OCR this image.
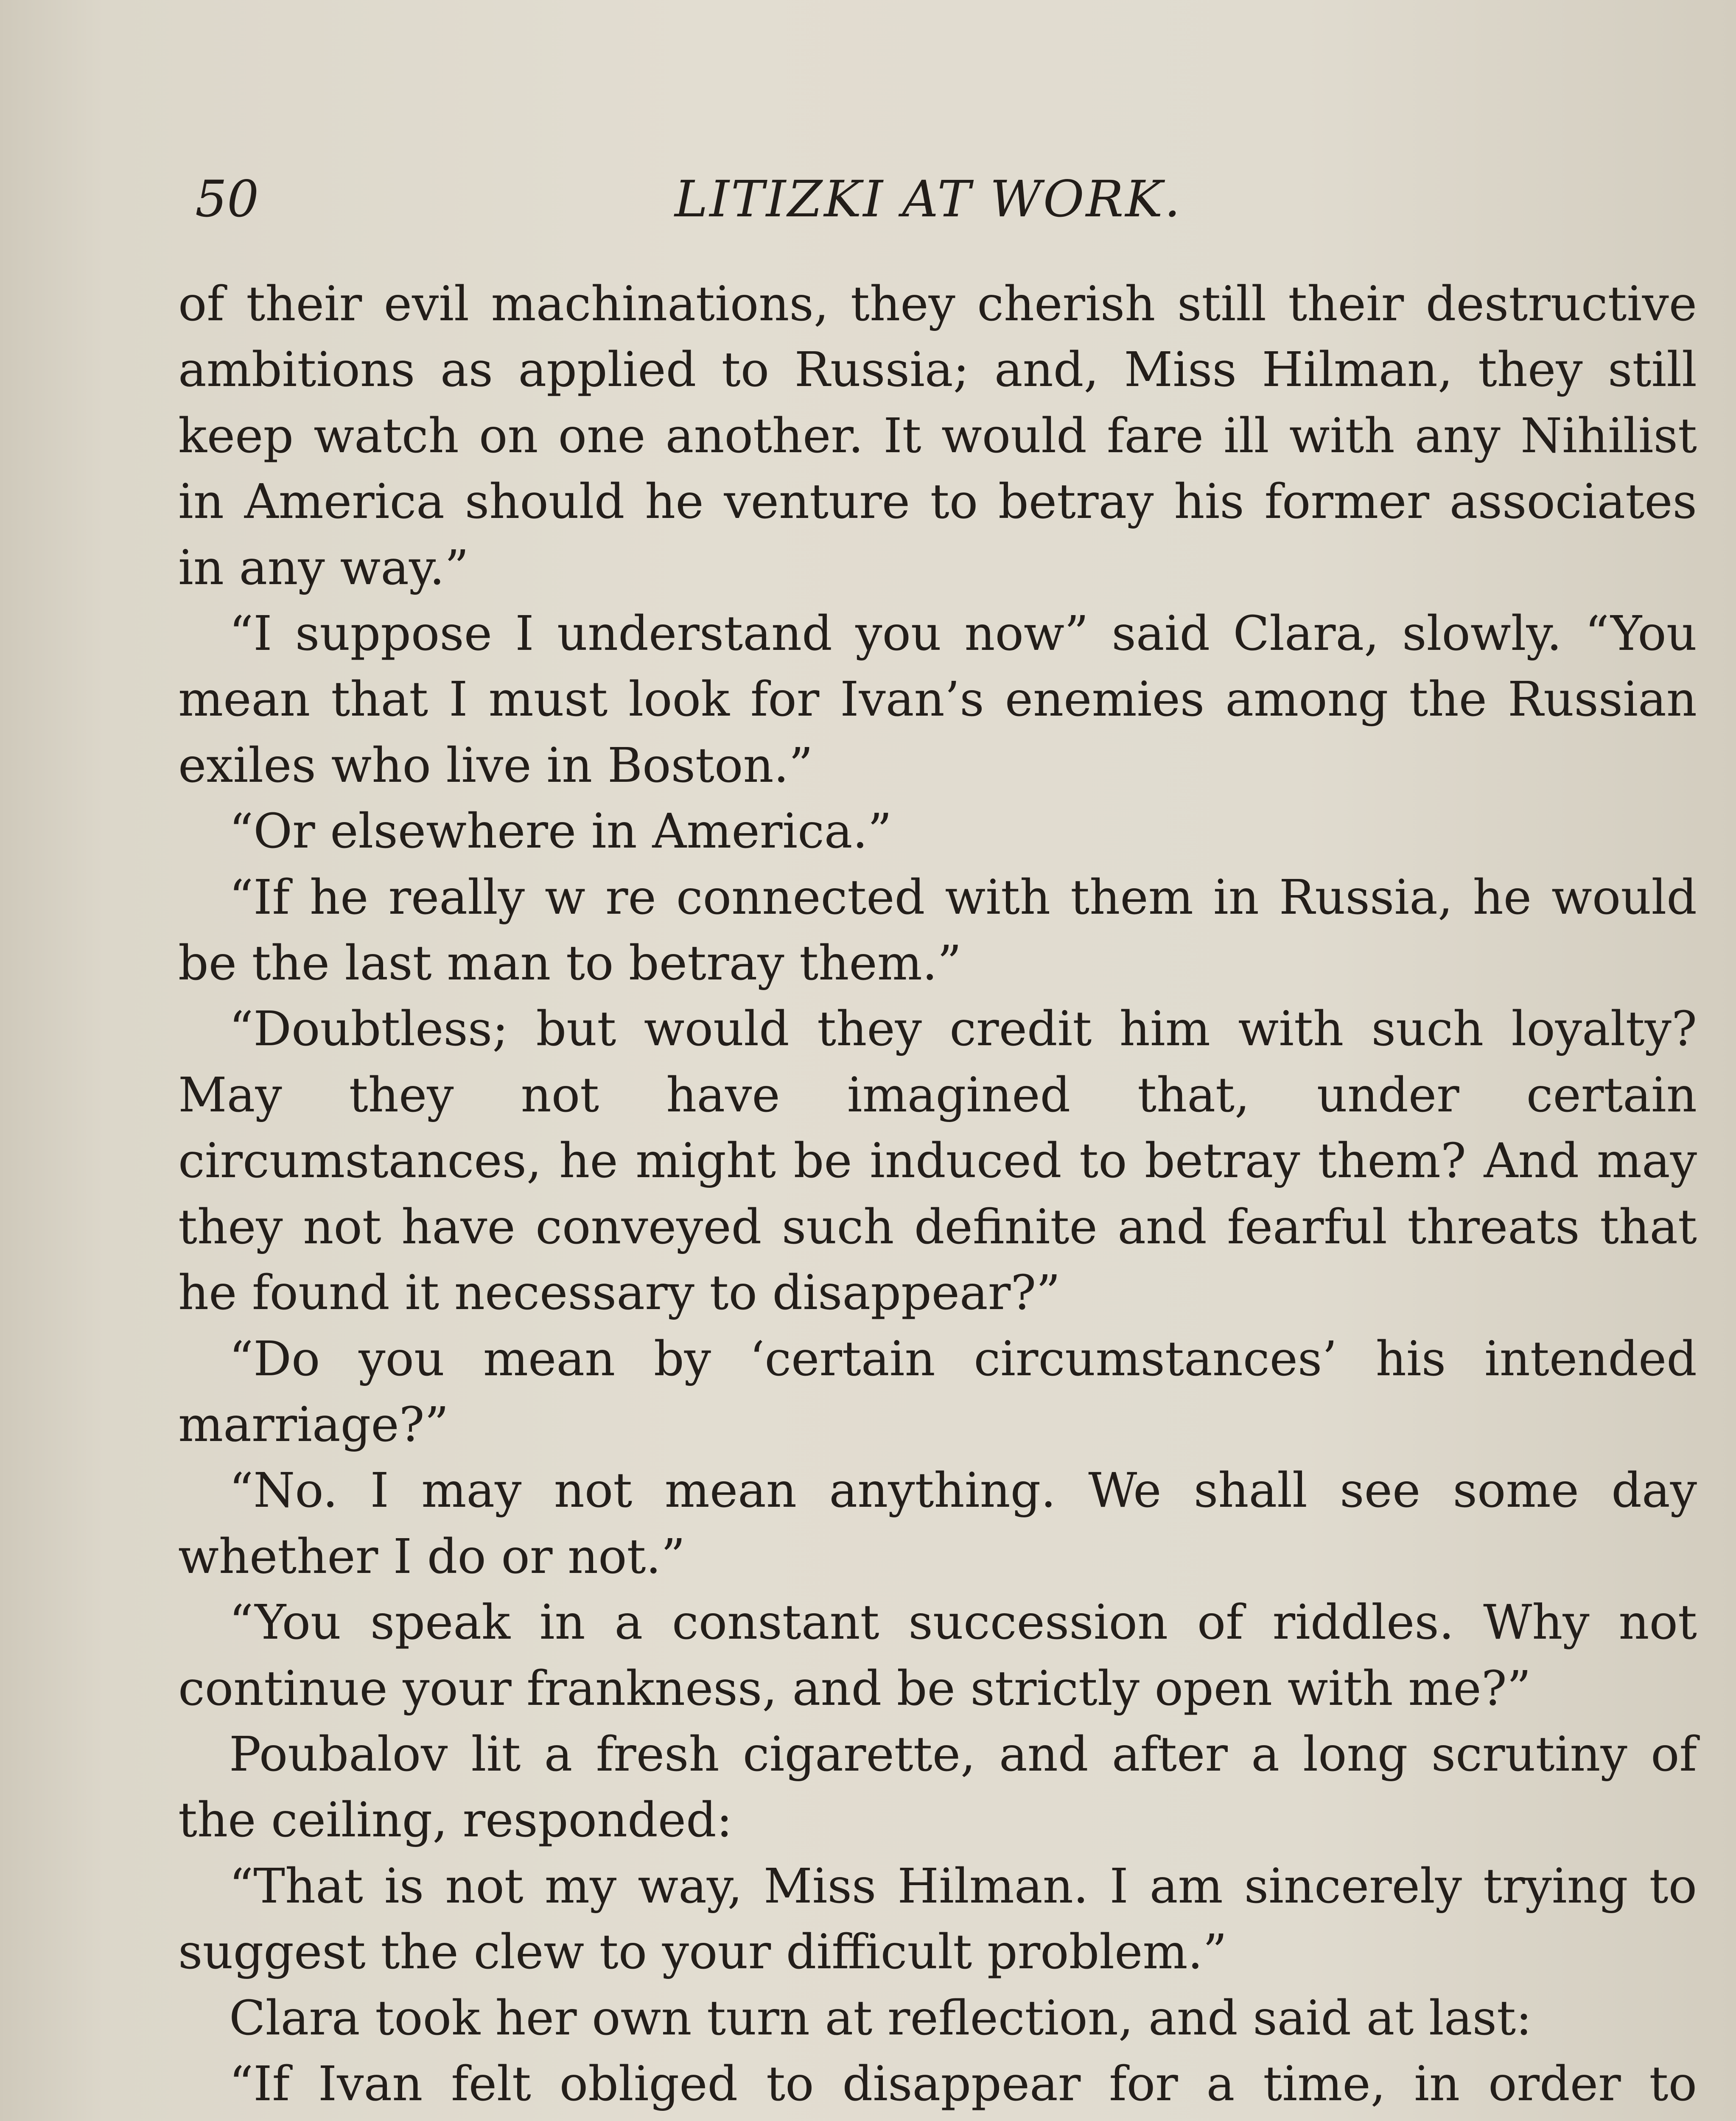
50	LITIZKI AT WORK.

of their evil machinations, they cherish still their destructive ambitions as applied to Russia; and, Miss Hilman, they still keep watch on one another. It would fare ill with any Nihilist in America should he venture to betray his former associates in any way.”

“I suppose I understand you now” said Clara, slowly. “You mean that I must look for Ivan’s enemies among the Russian exiles who live in Boston.”

“Or elsewhere in America.”

“If he really w re connected with them in Russia, he would be the last man to betray them.”

“Doubtless; but would they credit him with such loyalty? May they not have imagined that, under certain circumstances, he might be induced to betray them? And may they not have conveyed such definite and fearful threats that he found it necessary to disappear?”

“Do you mean by ‘certain circumstances’ his intended marriage?”

“No. I may not mean anything. We shall see some day whether I do or not.”

“You speak in a constant succession of riddles. Why not continue your frankness, and be strictly open with me?”

Poubalov lit a fresh cigarette, and after a long scrutiny of the ceiling, responded:

“That is not my way, Miss Hilman. I am sincerely trying to suggest the clew to your difficult problem.”

Clara took her own turn at reflection, and said at last:

“If Ivan felt obliged to disappear for a time, in order to
